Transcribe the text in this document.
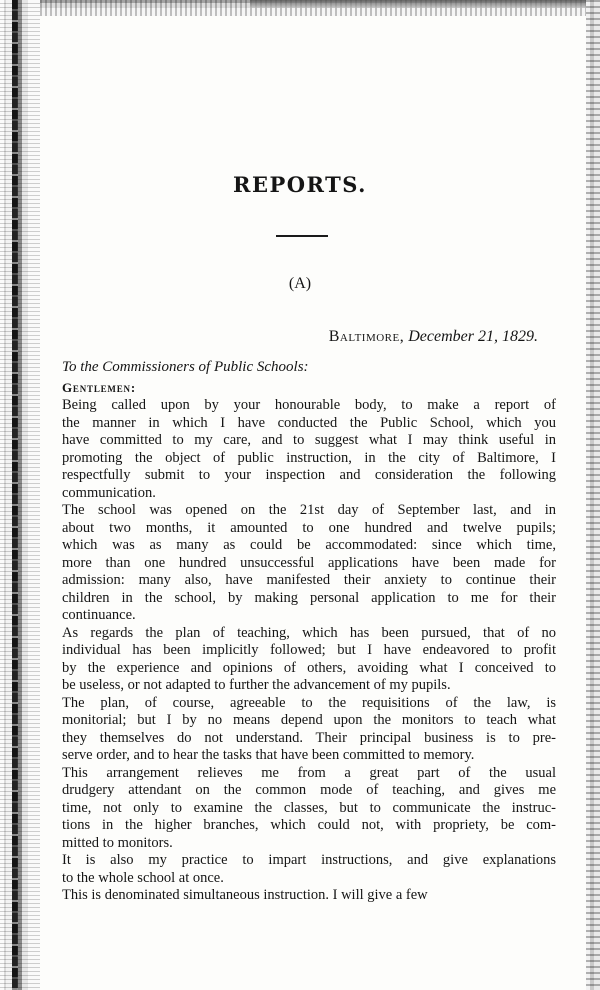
REPORTS.
(A)
Baltimore, December 21, 1829.
To the Commissioners of Public Schools:
Gentlemen:
Being called upon by your honourable body, to make a report of
the manner in which I have conducted the Public School, which you
have committed to my care, and to suggest what I may think useful in
promoting the object of public instruction, in the city of Baltimore, I
respectfully submit to your inspection and consideration the following
communication.
The school was opened on the 21st day of September last, and in
about two months, it amounted to one hundred and twelve pupils;
which was as many as could be accommodated: since which time,
more than one hundred unsuccessful applications have been made for
admission: many also, have manifested their anxiety to continue their
children in the school, by making personal application to me for their
continuance.
As regards the plan of teaching, which has been pursued, that of no
individual has been implicitly followed; but I have endeavored to profit
by the experience and opinions of others, avoiding what I conceived to
be useless, or not adapted to further the advancement of my pupils.
The plan, of course, agreeable to the requisitions of the law, is
monitorial; but I by no means depend upon the monitors to teach what
they themselves do not understand. Their principal business is to pre-
serve order, and to hear the tasks that have been committed to memory.
This arrangement relieves me from a great part of the usual
drudgery attendant on the common mode of teaching, and gives me
time, not only to examine the classes, but to communicate the instruc-
tions in the higher branches, which could not, with propriety, be com-
mitted to monitors.
It is also my practice to impart instructions, and give explanations
to the whole school at once.
This is denominated simultaneous instruction. I will give a few
